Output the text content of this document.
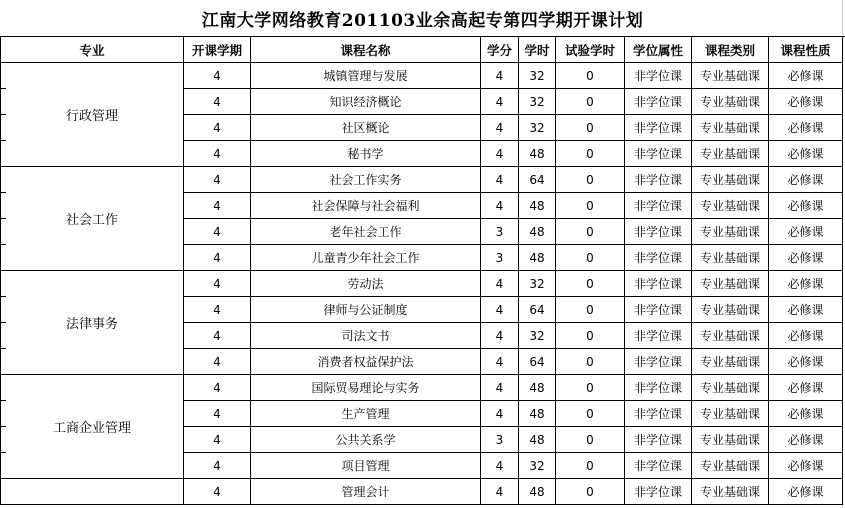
江南大学网络教育201103业余高起专第四学期开课计划
专业	开课学期	课程名称	学分	学时	试验学时	学位属性	课程类别	课程性质
行政管理	4	城镇管理与发展	4	32	0	非学位课	专业基础课	必修课
	4	知识经济概论	4	32	0	非学位课	专业基础课	必修课
	4	社区概论	4	32	0	非学位课	专业基础课	必修课
	4	秘书学	4	48	0	非学位课	专业基础课	必修课
社会工作	4	社会工作实务	4	64	0	非学位课	专业基础课	必修课
	4	社会保障与社会福利	4	48	0	非学位课	专业基础课	必修课
	4	老年社会工作	3	48	0	非学位课	专业基础课	必修课
	4	儿童青少年社会工作	3	48	0	非学位课	专业基础课	必修课
法律事务	4	劳动法	4	32	0	非学位课	专业基础课	必修课
	4	律师与公证制度	4	64	0	非学位课	专业基础课	必修课
	4	司法文书	4	32	0	非学位课	专业基础课	必修课
	4	消费者权益保护法	4	64	0	非学位课	专业基础课	必修课
工商企业管理	4	国际贸易理论与实务	4	48	0	非学位课	专业基础课	必修课
	4	生产管理	4	48	0	非学位课	专业基础课	必修课
	4	公共关系学	3	48	0	非学位课	专业基础课	必修课
	4	项目管理	4	32	0	非学位课	专业基础课	必修课
	4	管理会计	4	48	0	非学位课	专业基础课	必修课
